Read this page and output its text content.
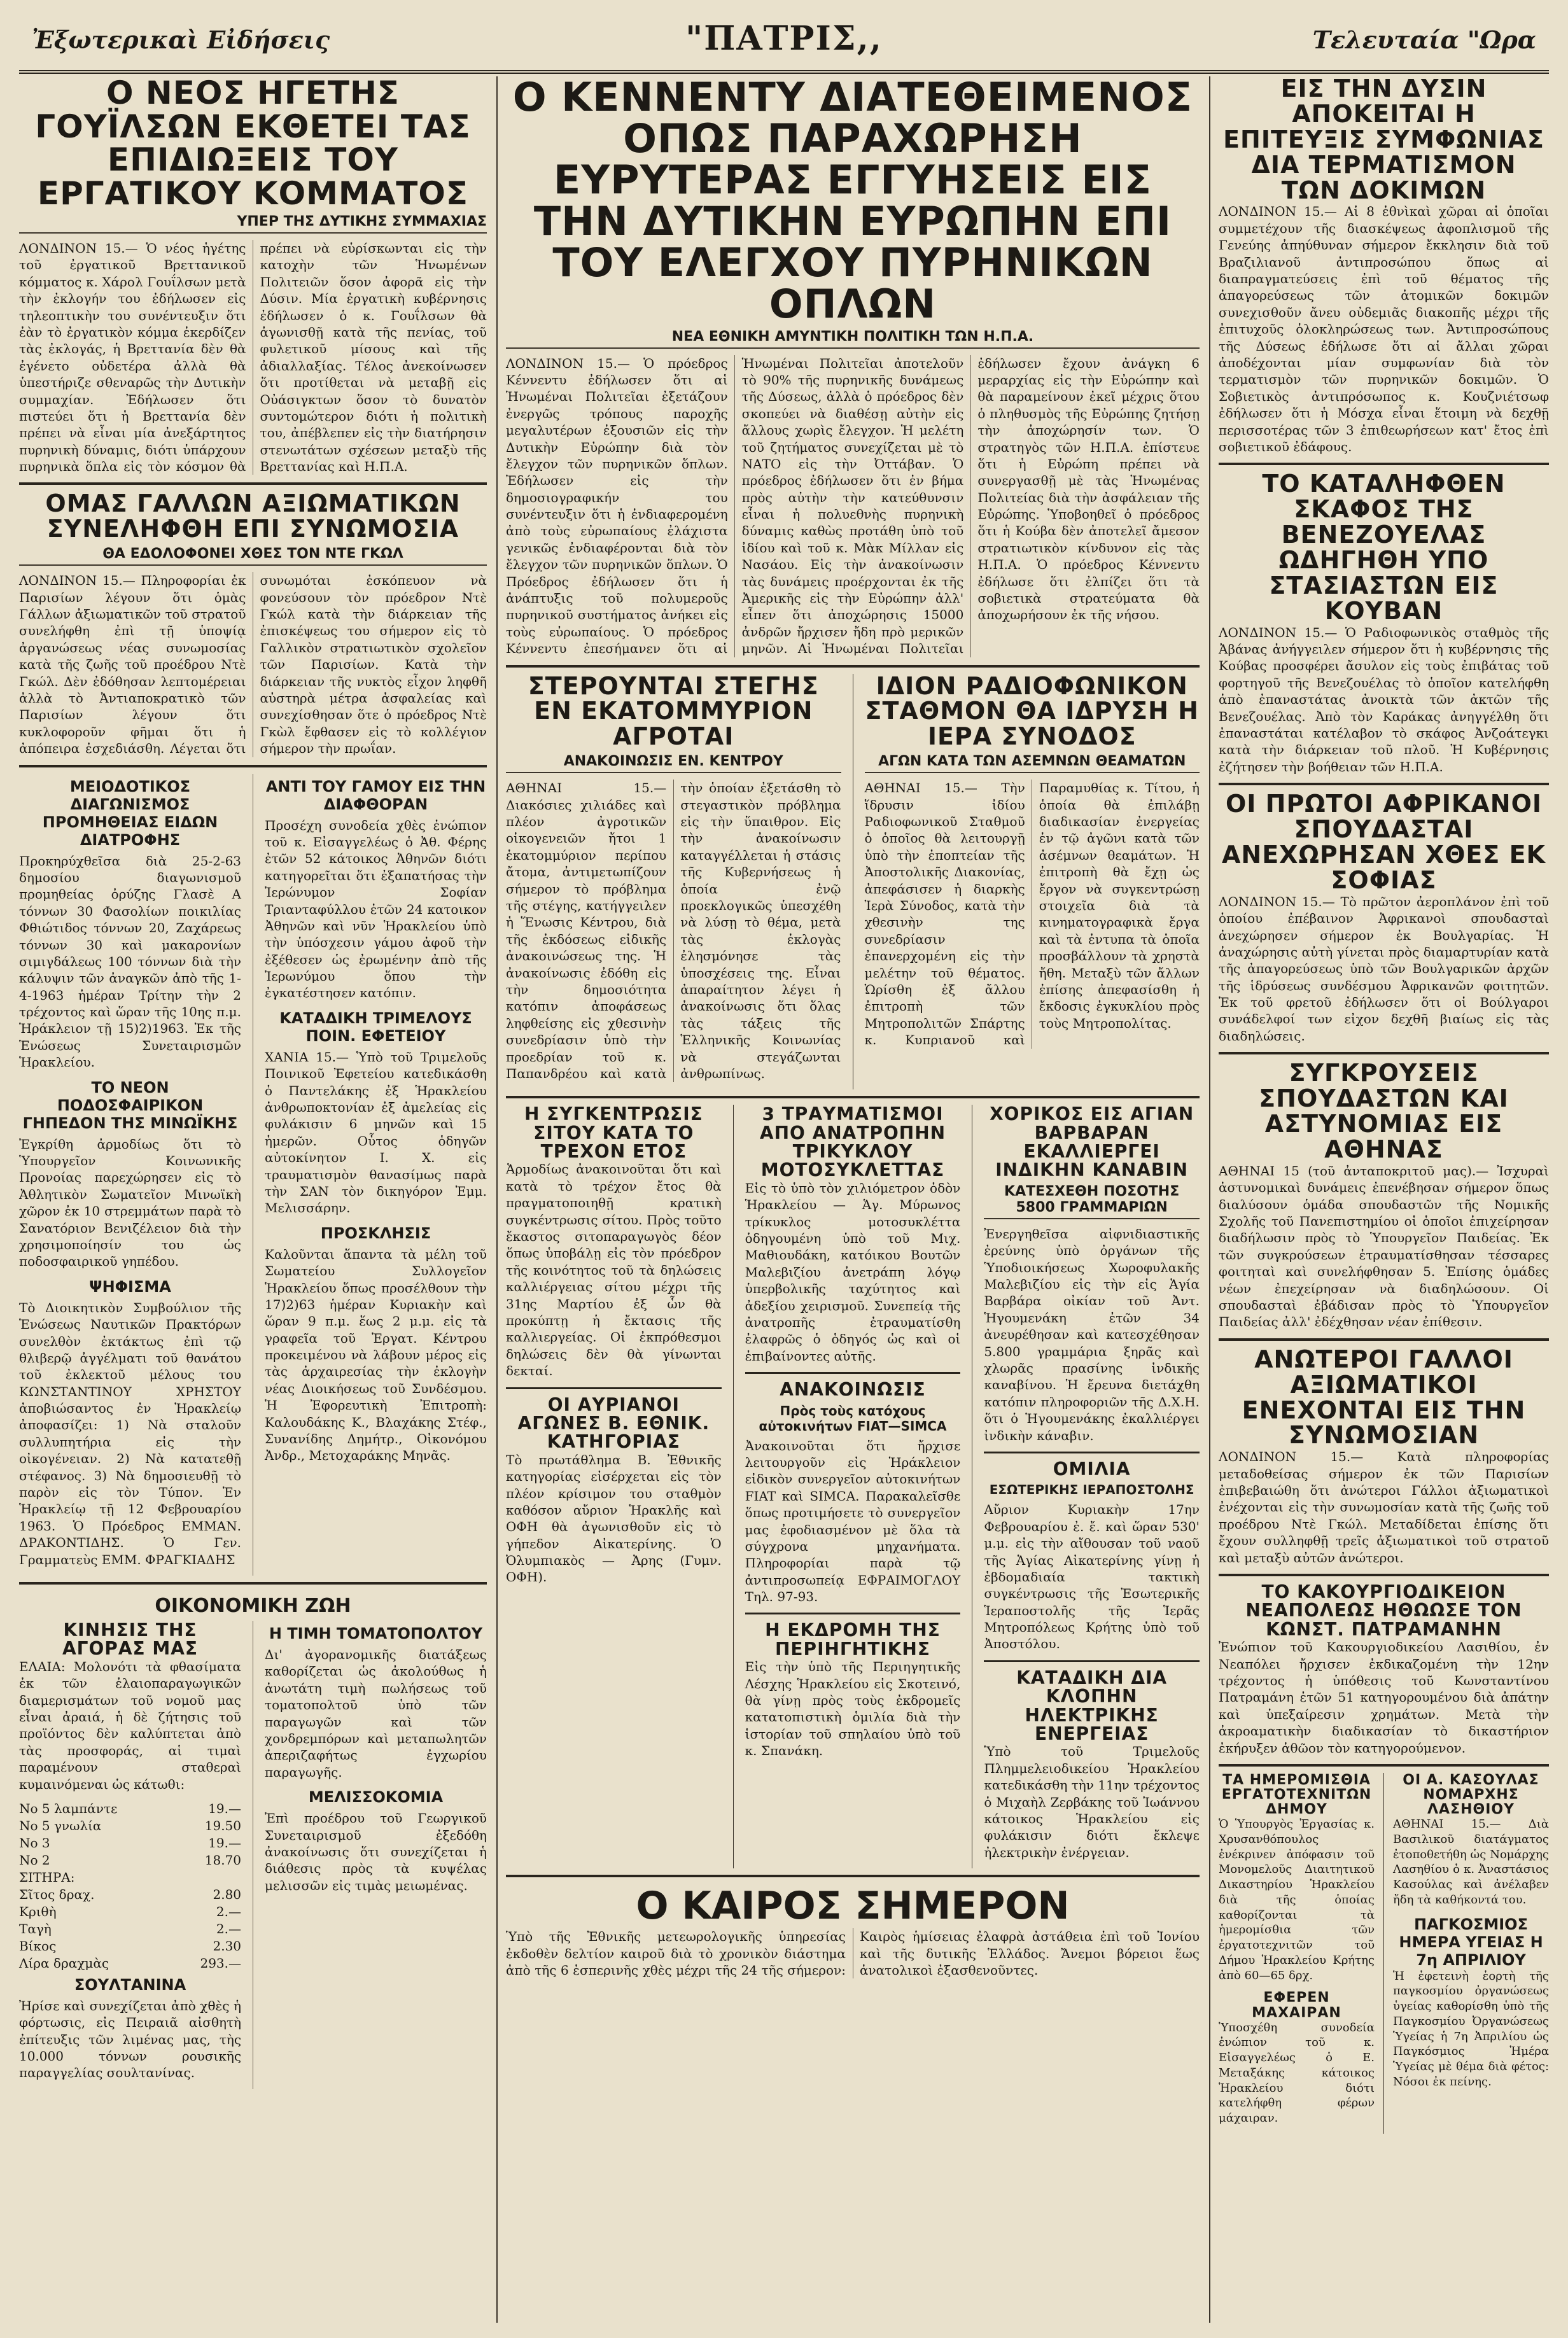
Ἐξωτερικαὶ Εἰδήσεις	"ΠΑΤΡΙΣ,,	Τελευταία "Ωρα
Ο ΝΕΟΣ ΗΓΕΤΗΣ ΓΟΥΪΛΣΩΝ ΕΚΘΕΤΕΙ ΤΑΣ ΕΠΙΔΙΩΞΕΙΣ ΤΟΥ ΕΡΓΑΤΙΚΟΥ ΚΟΜΜΑΤΟΣ
ΥΠΕΡ ΤΗΣ ΔΥΤΙΚΗΣ ΣΥΜΜΑΧΙΑΣ

ΛΟΝΔΙΝΟΝ 15.— Ὁ νέος ἡγέτης τοῦ ἐργατικοῦ Βρεττανικοῦ κόμματος κ. Χάρολ Γουΐλσων μετὰ τὴν ἐκλογήν του ἐδήλωσεν εἰς τηλεοπτικὴν του συνέντευξιν ὅτι ἐὰν τὸ ἐργατικὸν κόμμα ἐκερδίζεν τὰς ἐκλογάς, ἡ Βρεττανία δὲν θὰ ἐγένετο οὐδετέρα ἀλλὰ θὰ ὑπεστήριζε σθεναρῶς τὴν Δυτικὴν συμμαχίαν. Ἐδήλωσεν ὅτι πιστεύει ὅτι ἡ Βρεττανία δὲν πρέπει νὰ εἶναι μία ἀνεξάρτητος πυρηνικὴ δύναμις, διότι ὑπάρχουν πυρηνικὰ ὅπλα εἰς τὸν κόσμον θὰ πρέπει νὰ εὑρίσκωνται εἰς τὴν κατοχὴν τῶν Ἡνωμένων Πολιτειῶν ὅσον ἀφορᾶ εἰς τὴν Δύσιν. Μία ἐργατικὴ κυβέρνησις ἐδήλωσεν ὁ κ. Γουΐλσων θὰ ἀγωνισθῇ κατὰ τῆς πενίας, τοῦ φυλετικοῦ μίσους καὶ τῆς ἀδιαλλαξίας. Τέλος ἀνεκοίνωσεν ὅτι προτίθεται νὰ μεταβῇ εἰς Οὐάσιγκτων ὅσον τὸ δυνατὸν συντομώτερον διότι ἡ πολιτικὴ του, ἀπέβλεπεν εἰς τὴν διατήρησιν στενωτάτων σχέσεων μεταξὺ τῆς Βρεττανίας καὶ Η.Π.Α.

ΟΜΑΣ ΓΑΛΛΩΝ ΑΞΙΩΜΑΤΙΚΩΝ ΣΥΝΕΛΗΦΘΗ ΕΠΙ ΣΥΝΩΜΟΣΙΑ
ΘΑ ΕΔΟΛΟΦΟΝΕΙ ΧΘΕΣ ΤΟΝ ΝΤΕ ΓΚΩΛ

ΛΟΝΔΙΝΟΝ 15.— Πληροφορίαι ἐκ Παρισίων λέγουν ὅτι ὁμὰς Γάλλων ἀξιωματικῶν τοῦ στρατοῦ συνελήφθη ἐπὶ τῇ ὑποψίᾳ ἀργανώσεως νέας συνωμοσίας κατὰ τῆς ζωῆς τοῦ προέδρου Ντὲ Γκώλ. Δὲν ἐδόθησαν λεπτομέρειαι ἀλλὰ τὸ Ἀντιαποκρατικὸ τῶν Παρισίων λέγουν ὅτι κυκλοφοροῦν φῆμαι ὅτι ἡ ἀπόπειρα ἐσχεδιάσθη. Λέγεται ὅτι συνωμόται ἐσκόπευον νὰ φονεύσουν τὸν πρόεδρον Ντὲ Γκώλ κατὰ τὴν διάρκειαν τῆς ἐπισκέψεως του σήμερον εἰς τὸ Γαλλικὸν στρατιωτικὸν σχολεῖον τῶν Παρισίων. Κατὰ τὴν διάρκειαν τῆς νυκτὸς εἶχον ληφθῆ αὐστηρὰ μέτρα ἀσφαλείας καὶ συνεχίσθησαν ὅτε ὁ πρόεδρος Ντὲ Γκὼλ ἔφθασεν εἰς τὸ κολλέγιον σήμερον τὴν πρωΐαν.

ΜΕΙΟΔΟΤΙΚΟΣ ΔΙΑΓΩΝΙΣΜΟΣ ΠΡΟΜΗΘΕΙΑΣ ΕΙΔΩΝ ΔΙΑΤΡΟΦΗΣ

Προκηρύχθεῖσα διὰ 25-2-63 δημοσίου διαγωνισμοῦ προμηθείας ὀρύζης Γλασὲ Α τόννων 30 Φασολίων ποικιλίας Φθιώτιδος τόννων 20, Ζαχάρεως τόννων 30 καὶ μακαρονίων σιμιγδάλεως 100 τόννων διὰ τὴν κάλυψιν τῶν ἀναγκῶν ἀπὸ τῆς 1-4-1963 ἡμέραν Τρίτην τὴν 2 τρέχοντος καὶ ὥραν τῆς 10ης π.μ. Ἡράκλειον τῇ 15)2)1963. Ἐκ τῆς Ἑνώσεως Συνεταιρισμῶν Ἡρακλείου.

ΤΟ ΝΕΟΝ ΠΟΔΟΣΦΑΙΡΙΚΟΝ ΓΗΠΕΔΟΝ ΤΗΣ ΜΙΝΩΪΚΗΣ

Ἐγκρίθη ἀρμοδίως ὅτι τὸ Ὑπουργεῖον Κοινωνικῆς Προνοίας παρεχώρησεν εἰς τὸ Ἀθλητικὸν Σωματεῖον Μινωϊκὴ χῶρον ἐκ 10 στρεμμάτων παρὰ τὸ Σανατόριον Βενιζέλειον διὰ τὴν χρησιμοποίησίν του ὡς ποδοσφαιρικοῦ γηπέδου.

ΨΗΦΙΣΜΑ

Τὸ Διοικητικὸν Συμβούλιον τῆς Ἑνώσεως Ναυτικῶν Πρακτόρων συνελθὸν ἐκτάκτως ἐπὶ τῷ θλιβερῷ ἀγγέλματι τοῦ θανάτου τοῦ ἐκλεκτοῦ μέλους του ΚΩΝΣΤΑΝΤΙΝΟΥ ΧΡΗΣΤΟΥ ἀποβιώσαντος ἐν Ἡρακλείῳ ἀποφασίζει: 1) Νὰ σταλοῦν συλλυπητήρια εἰς τὴν οἰκογένειαν. 2) Νὰ κατατεθῇ στέφανος. 3) Νὰ δημοσιευθῇ τὸ παρὸν εἰς τὸν Τύπον. Ἐν Ἡρακλείῳ τῇ 12 Φεβρουαρίου 1963. Ὁ Πρόεδρος ΕΜΜΑΝ. ΔΡΑΚΟΝΤΙΔΗΣ. Ὁ Γεν. Γραμματεὺς ΕΜΜ. ΦΡΑΓΚΙΑΔΗΣ

ΑΝΤΙ ΤΟΥ ΓΑΜΟΥ ΕΙΣ ΤΗΝ ΔΙΑΦΘΟΡΑΝ

Προσέχη συνοδεία χθὲς ἐνώπιον τοῦ κ. Εἰσαγγελέως ὁ Ἀθ. Φέρης ἐτῶν 52 κάτοικος Ἀθηνῶν διότι κατηγορεῖται ὅτι ἐξαπατήσας τὴν Ἰερώνυμον Σοφίαν Τριανταφύλλου ἐτῶν 24 κατοικον Ἀθηνῶν καὶ νῦν Ἡρακλείου ὑπὸ τὴν ὑπόσχεσιν γάμου ἀφοῦ τὴν ἐξέθεσεν ὡς ἐρωμένην ἀπὸ τῆς Ἰερωνύμου ὅπου τὴν ἐγκατέστησεν κατόπιν.

ΚΑΤΑΔΙΚΗ ΤΡΙΜΕΛΟΥΣ ΠΟΙΝ. ΕΦΕΤΕΙΟΥ

ΧΑΝΙΑ 15.— Ὑπὸ τοῦ Τριμελοῦς Ποινικοῦ Ἐφετείου κατεδικάσθη ὁ Παντελάκης ἐξ Ἡρακλείου ἀνθρωποκτονίαν ἐξ ἀμελείας εἰς φυλάκισιν 6 μηνῶν καὶ 15 ἡμερῶν. Οὗτος ὁδηγῶν αὐτοκίνητον Ι. Χ. εἰς τραυματισμὸν θανασίμως παρὰ τὴν ΣΑΝ τὸν δικηγόρον Ἐμμ. Μελισσάρην.

ΠΡΟΣΚΛΗΣΙΣ

Καλοῦνται ἅπαντα τὰ μέλη τοῦ Σωματείου Συλλογεῖον Ἡρακλείου ὅπως προσέλθουν τὴν 17)2)63 ἡμέραν Κυριακὴν καὶ ὥραν 9 π.μ. ἕως 2 μ.μ. εἰς τὰ γραφεῖα τοῦ Ἐργατ. Κέντρου προκειμένου νὰ λάβουν μέρος εἰς τὰς ἀρχαιρεσίας τὴν ἐκλογὴν νέας Διοικήσεως τοῦ Συνδέσμου. Ἡ Ἐφορευτικὴ Ἐπιτροπὴ: Καλουδάκης Κ., Βλαχάκης Στέφ., Συνανίδης Δημήτρ., Οἰκονόμου Ἀνδρ., Μετοχαράκης Μηνᾶς.

ΟΙΚΟΝΟΜΙΚΗ ΖΩΗ
ΚΙΝΗΣΙΣ ΤΗΣ ΑΓΟΡΑΣ ΜΑΣ

ΕΛΑΙΑ: Μολονότι τὰ φθασίματα ἐκ τῶν ἐλαιοπαραγωγικῶν διαμερισμάτων τοῦ νομοῦ μας εἶναι ἀραιά, ἡ δὲ ζήτησις τοῦ προϊόντος δὲν καλύπτεται ἀπὸ τὰς προσφοράς, αἱ τιμαὶ παραμένουν σταθεραὶ κυμαινόμεναι ὡς κάτωθι:

Νο 5 λαμπάντε	19.—
Νο 5 γνωλία	19.50
Νο 3	19.—
Νο 2	18.70
ΣΙΤΗΡΑ:
Σῖτος δραχ.	2.80
Κριθὴ	2.—
Ταγὴ	2.—
Βίκος	2.30
Λίρα δραχμὰς	293.—
ΣΟΥΛΤΑΝΙΝΑ

Ἠρίσε καὶ συνεχίζεται ἀπὸ χθὲς ἡ φόρτωσις, εἰς Πειραιᾶ αἰσθητὴ ἐπίτευξις τῶν λιμένας μας, τὴς 10.000 τόννων ρουσικῆς παραγγελίας σουλτανίνας.

Η ΤΙΜΗ ΤΟΜΑΤΟΠΟΛΤΟΥ

Δι' ἀγορανομικῆς διατάξεως καθορίζεται ὡς ἀκολούθως ἡ ἀνωτάτη τιμὴ πωλήσεως τοῦ τοματοπολτοῦ ὑπὸ τῶν παραγωγῶν καὶ τῶν χονδρεμπόρων καὶ μεταπωλητῶν ἀπεριζαφήτως ἐγχωρίου παραγωγῆς.

ΜΕΛΙΣΣΟΚΟΜΙΑ

Ἐπὶ προέδρου τοῦ Γεωργικοῦ Συνεταιρισμοῦ ἐξεδόθη ἀνακοίνωσις ὅτι συνεχίζεται ἡ διάθεσις πρὸς τὰ κυψέλας μελισσῶν εἰς τιμὰς μειωμένας.

Ο ΚΕΝΝΕΝΤΥ ΔΙΑΤΕΘΕΙΜΕΝΟΣ ΟΠΩΣ ΠΑΡΑΧΩΡΗΣΗ ΕΥΡΥΤΕΡΑΣ ΕΓΓΥΗΣΕΙΣ ΕΙΣ ΤΗΝ ΔΥΤΙΚΗΝ ΕΥΡΩΠΗΝ ΕΠΙ ΤΟΥ ΕΛΕΓΧΟΥ ΠΥΡΗΝΙΚΩΝ ΟΠΛΩΝ
ΝΕΑ ΕΘΝΙΚΗ ΑΜΥΝΤΙΚΗ ΠΟΛΙΤΙΚΗ ΤΩΝ Η.Π.Α.

ΛΟΝΔΙΝΟΝ 15.— Ὁ πρόεδρος Κέννεντυ ἐδήλωσεν ὅτι αἱ Ἡνωμέναι Πολιτεῖαι ἐξετάζουν ἐνεργῶς τρόπους παροχῆς μεγαλυτέρων ἐξουσιῶν εἰς τὴν Δυτικὴν Εὐρώπην διὰ τὸν ἔλεγχον τῶν πυρηνικῶν ὅπλων. Ἐδήλωσεν εἰς τὴν δημοσιογραφικήν του συνέντευξιν ὅτι ἡ ἐνδιαφερομένη ἀπὸ τοὺς εὐρωπαίους ἐλάχιστα γενικῶς ἐνδιαφέρονται διὰ τὸν ἔλεγχον τῶν πυρηνικῶν ὅπλων. Ὁ Πρόεδρος ἐδήλωσεν ὅτι ἡ ἀνάπτυξις τοῦ πολυμεροῦς πυρηνικοῦ συστήματος ἀνήκει εἰς τοὺς εὐρωπαίους. Ὁ πρόεδρος Κέννεντυ ἐπεσήμανεν ὅτι αἱ Ἡνωμέναι Πολιτεῖαι ἀποτελοῦν τὸ 90% τῆς πυρηνικῆς δυνάμεως τῆς Δύσεως, ἀλλὰ ὁ πρόεδρος δὲν σκοπεύει νὰ διαθέσῃ αὐτὴν εἰς ἄλλους χωρὶς ἔλεγχον. Ἡ μελέτη τοῦ ζητήματος συνεχίζεται μὲ τὸ ΝΑΤΟ εἰς τὴν Ὀττάβαν. Ὁ πρόεδρος ἐδήλωσεν ὅτι ἐν βήμα πρὸς αὐτὴν τὴν κατεύθυνσιν εἶναι ἡ πολυεθνὴς πυρηνικὴ δύναμις καθὼς προτάθη ὑπὸ τοῦ ἰδίου καὶ τοῦ κ. Μὰκ Μίλλαν εἰς Νασάου. Εἰς τὴν ἀνακοίνωσιν τὰς δυνάμεις προέρχονται ἐκ τῆς Ἀμερικῆς εἰς τὴν Εὐρώπην ἀλλ' εἶπεν ὅτι ἀποχώρησις 15000 ἀνδρῶν ἤρχισεν ἤδη πρὸ μερικῶν μηνῶν. Αἱ Ἡνωμέναι Πολιτεῖαι ἐδήλωσεν ἔχουν ἀνάγκη 6 μεραρχίας εἰς τὴν Εὐρώπην καὶ θὰ παραμείνουν ἐκεῖ μέχρις ὅτου ὁ πληθυσμὸς τῆς Εὐρώπης ζητήσῃ τὴν ἀποχώρησίν των. Ὁ στρατηγὸς τῶν Η.Π.Α. ἐπίστευε ὅτι ἡ Εὐρώπη πρέπει νὰ συνεργασθῇ μὲ τὰς Ἡνωμένας Πολιτείας διὰ τὴν ἀσφάλειαν τῆς Εὐρώπης. Ὑποβοηθεῖ ὁ πρόεδρος ὅτι ἡ Κούβα δὲν ἀποτελεῖ ἄμεσον στρατιωτικὸν κίνδυνον εἰς τὰς Η.Π.Α. Ὁ πρόεδρος Κέννεντυ ἐδήλωσε ὅτι ἐλπίζει ὅτι τὰ σοβιετικὰ στρατεύματα θὰ ἀποχωρήσουν ἐκ τῆς νήσου.

ΣΤΕΡΟΥΝΤΑΙ ΣΤΕΓΗΣ ΕΝ ΕΚΑΤΟΜΜΥΡΙΟΝ ΑΓΡΟΤΑΙ
ΑΝΑΚΟΙΝΩΣΙΣ ΕΝ. ΚΕΝΤΡΟΥ

ΑΘΗΝΑΙ 15.— Διακόσιες χιλιάδες καὶ πλέον ἀγροτικῶν οἰκογενειῶν ἤτοι 1 ἑκατομμύριον περίπου ἄτομα, ἀντιμετωπίζουν σήμερον τὸ πρόβλημα τῆς στέγης, κατήγγειλεν ἡ Ἕνωσις Κέντρου, διὰ τῆς ἐκδόσεως εἰδικῆς ἀνακοινώσεως της. Ἡ ἀνακοίνωσις ἐδόθη εἰς τὴν δημοσιότητα κατόπιν ἀποφάσεως ληφθείσης εἰς χθεσινὴν συνεδρίασιν ὑπὸ τὴν προεδρίαν τοῦ κ. Παπανδρέου καὶ κατὰ τὴν ὁποίαν ἐξετάσθη τὸ στεγαστικὸν πρόβλημα εἰς τὴν ὕπαιθρον. Εἰς τὴν ἀνακοίνωσιν καταγγέλλεται ἡ στάσις τῆς Κυβερνήσεως ἡ ὁποία ἐνῷ προεκλογικῶς ὑπεσχέθη νὰ λύσῃ τὸ θέμα, μετὰ τὰς ἐκλογὰς ἐλησμόνησε τὰς ὑποσχέσεις της. Εἶναι ἀπαραίτητον λέγει ἡ ἀνακοίνωσις ὅτι ὅλας τὰς τάξεις τῆς Ἑλληνικῆς Κοινωνίας νὰ στεγάζωνται ἀνθρωπίνως.

ΙΔΙΟΝ ΡΑΔΙΟΦΩΝΙΚΟΝ ΣΤΑΘΜΟΝ ΘΑ ΙΔΡΥΣΗ Η ΙΕΡΑ ΣΥΝΟΔΟΣ
ΑΓΩΝ ΚΑΤΑ ΤΩΝ ΑΣΕΜΝΩΝ ΘΕΑΜΑΤΩΝ

ΑΘΗΝΑΙ 15.— Τὴν ἵδρυσιν ἰδίου Ραδιοφωνικοῦ Σταθμοῦ ὁ ὁποῖος θὰ λειτουργῇ ὑπὸ τὴν ἐποπτείαν τῆς Ἀποστολικῆς Διακονίας, ἀπεφάσισεν ἡ διαρκὴς Ἱερὰ Σύνοδος, κατὰ τὴν χθεσινὴν της συνεδρίασιν ἐπανερχομένη εἰς τὴν μελέτην τοῦ θέματος. Ὡρίσθη ἐξ ἄλλου ἐπιτροπὴ τῶν Μητροπολιτῶν Σπάρτης κ. Κυπριανοῦ καὶ Παραμυθίας κ. Τίτου, ἡ ὁποία θὰ ἐπιλάβῃ διαδικασίαν ἐνεργείας ἐν τῷ ἀγῶνι κατὰ τῶν ἀσέμνων θεαμάτων. Ἡ ἐπιτροπὴ θὰ ἔχῃ ὡς ἔργον νὰ συγκεντρώσῃ στοιχεῖα διὰ τὰ κινηματογραφικὰ ἔργα καὶ τὰ ἐντυπα τὰ ὁποῖα προσβάλλουν τὰ χρηστὰ ἤθη. Μεταξὺ τῶν ἄλλων ἐπίσης ἀπεφασίσθη ἡ ἔκδοσις ἐγκυκλίου πρὸς τοὺς Μητροπολίτας.

Η ΣΥΓΚΕΝΤΡΩΣΙΣ ΣΙΤΟΥ ΚΑΤΑ ΤΟ ΤΡΕΧΟΝ ΕΤΟΣ

Ἁρμοδίως ἀνακοινοῦται ὅτι καὶ κατὰ τὸ τρέχον ἔτος θὰ πραγματοποιηθῇ κρατικὴ συγκέντρωσις σίτου. Πρὸς τοῦτο ἔκαστος σιτοπαραγωγὸς δέον ὅπως ὑποβάλῃ εἰς τὸν πρόεδρον τῆς κοινότητος τοῦ τὰ δηλώσεις καλλιέργειας σίτου μέχρι τῆς 31ης Μαρτίου ἐξ ὧν θὰ προκύπτῃ ἡ ἔκτασις τῆς καλλιεργείας. Οἱ ἐκπρόθεσμοι δηλώσεις δὲν θὰ γίνωνται δεκταί.

ΟΙ ΑΥΡΙΑΝΟΙ ΑΓΩΝΕΣ Β. ΕΘΝΙΚ. ΚΑΤΗΓΟΡΙΑΣ

Τὸ πρωτάθλημα Β. Ἐθνικῆς κατηγορίας εἰσέρχεται εἰς τὸν πλέον κρίσιμον του σταθμὸν καθόσον αὔριον Ἡρακλῆς καὶ ΟΦΗ θὰ ἀγωνισθοῦν εἰς τὸ γήπεδον Αἰκατερίνης. Ὁ Ὀλυμπιακὸς — Ἀρης (Γυμν. ΟΦΗ).

3 ΤΡΑΥΜΑΤΙΣΜΟΙ ΑΠΟ ΑΝΑΤΡΟΠΗΝ ΤΡΙΚΥΚΛΟΥ ΜΟΤΟΣΥΚΛΕΤΤΑΣ

Εἰς τὸ ὑπὸ τὸν χιλιόμετρον ὁδὸν Ἡρακλείου — Ἁγ. Μύρωνος τρίκυκλος μοτοσυκλέττα ὁδηγουμένη ὑπὸ τοῦ Μιχ. Μαθιουδάκη, κατόικου Βουτῶν Μαλεβιζίου ἀνετράπη λόγῳ ὑπερβολικῆς ταχύτητος καὶ ἀδεξίου χειρισμοῦ. Συνεπείᾳ τῆς ἀνατροπῆς ἐτραυματίσθη ἐλαφρῶς ὁ ὁδηγός ὡς καὶ οἱ ἐπιβαίνοντες αὐτῆς.

ΑΝΑΚΟΙΝΩΣΙΣ
Πρὸς τοὺς κατόχους αὐτοκινήτων FIAT—SIMCA

Ἀνακοινοῦται ὅτι ἤρχισε λειτουργοῦν εἰς Ἡράκλειον εἰδικὸν συνεργεῖον αὐτοκινήτων FIAT καὶ SIMCA. Παρακαλεῖσθε ὅπως προτιμήσετε τὸ συνεργεῖον μας ἐφοδιασμένον μὲ ὅλα τὰ σύγχρονα μηχανήματα. Πληροφορίαι παρὰ τῷ ἀντιπροσωπείᾳ ΕΦΡΑΙΜΟΓΛΟΥ Τηλ. 97-93.

Η ΕΚΔΡΟΜΗ ΤΗΣ ΠΕΡΙΗΓΗΤΙΚΗΣ

Εἰς τὴν ὑπὸ τῆς Περιηγητικῆς Λέσχης Ἡρακλείου εἰς Σκοτεινό, θὰ γίνῃ πρὸς τοὺς ἐκδρομεῖς κατατοπιστικὴ ὁμιλία διὰ τὴν ἱστορίαν τοῦ σπηλαίου ὑπὸ τοῦ κ. Σπανάκη.

ΧΟΡΙΚΟΣ ΕΙΣ ΑΓΙΑΝ ΒΑΡΒΑΡΑΝ ΕΚΑΛΛΙΕΡΓΕΙ ΙΝΔΙΚΗΝ ΚΑΝΑΒΙΝ
ΚΑΤΕΣΧΕΘΗ ΠΟΣΟΤΗΣ 5800 ΓΡΑΜΜΑΡΙΩΝ

Ἐνεργηθεῖσα αἰφνιδιαστικῆς ἐρεύνης ὑπὸ ὀργάνων τῆς Ὑποδιοικήσεως Χωροφυλακῆς Μαλεβιζίου εἰς τὴν εἰς Ἁγία Βαρβάρα οἰκίαν τοῦ Ἀντ. Ἡγουμενάκη ἐτῶν 34 ἀνευρέθησαν καὶ κατεσχέθησαν 5.800 γραμμάρια ξηρᾶς καὶ χλωρᾶς πρασίνης ἰνδικῆς καναβίνου. Ἡ ἔρευνα διετάχθη κατόπιν πληροφοριῶν τῆς Δ.Χ.Η. ὅτι ὁ Ἡγουμενάκης ἐκαλλιέργει ἰνδικὴν κάναβιν.

ΟΜΙΛΙΑ
ΕΣΩΤΕΡΙΚΗΣ ΙΕΡΑΠΟΣΤΟΛΗΣ

Αὔριον Κυριακὴν 17ην Φεβρουαρίου ἐ. ἔ. καὶ ὥραν 530' μ.μ. εἰς τὴν αἴθουσαν τοῦ ναοῦ τῆς Ἁγίας Αἰκατερίνης γίνῃ ἡ ἑβδομαδιαία τακτικὴ συγκέντρωσις τῆς Ἐσωτερικῆς Ἱεραποστολῆς τῆς Ἱερᾶς Μητροπόλεως Κρήτης ὑπὸ τοῦ Ἀποστόλου.

ΚΑΤΑΔΙΚΗ ΔΙΑ ΚΛΟΠΗΝ ΗΛΕΚΤΡΙΚΗΣ ΕΝΕΡΓΕΙΑΣ

Ὑπὸ τοῦ Τριμελοῦς Πλημμελειοδικείου Ἡρακλείου κατεδικάσθη τὴν 11ην τρέχοντος ὁ Μιχαὴλ Ζερβάκης τοῦ Ἰωάννου κάτοικος Ἡρακλείου εἰς φυλάκισιν διότι ἔκλεψε ἠλεκτρικὴν ἐνέργειαν.

Ο ΚΑΙΡΟΣ ΣΗΜΕΡΟΝ

Ὑπὸ τῆς Ἐθνικῆς μετεωρολογικῆς ὑπηρεσίας ἐκδοθὲν δελτίον καιροῦ διὰ τὸ χρονικὸν διάστημα ἀπὸ τῆς 6 ἑσπερινῆς χθὲς μέχρι τῆς 24 τῆς σήμερον: Καιρὸς ἡμίσειας ἐλαφρὰ ἀστάθεια ἐπὶ τοῦ Ἰονίου καὶ τῆς δυτικῆς Ἑλλάδος. Ἄνεμοι βόρειοι ἕως ἀνατολικοὶ ἐξασθενοῦντες.

ΕΙΣ ΤΗΝ ΔΥΣΙΝ ΑΠΟΚΕΙΤΑΙ Η ΕΠΙΤΕΥΞΙΣ ΣΥΜΦΩΝΙΑΣ ΔΙΑ ΤΕΡΜΑΤΙΣΜΟΝ ΤΩΝ ΔΟΚΙΜΩΝ

ΛΟΝΔΙΝΟΝ 15.— Αἱ 8 ἐθνὶκαὶ χῶραι αἱ ὁποῖαι συμμετέχουν τῆς διασκέψεως ἀφοπλισμοῦ τῆς Γενεύης ἀπηύθυναν σήμερον ἔκκλησιν διὰ τοῦ Βραζιλιανοῦ ἀντιπροσώπου ὅπως αἱ διαπραγματεύσεις ἐπὶ τοῦ θέματος τῆς ἀπαγορεύσεως τῶν ἀτομικῶν δοκιμῶν συνεχισθοῦν ἄνευ οὐδεμιᾶς διακοπῆς μέχρι τῆς ἐπιτυχοῦς ὁλοκληρώσεως των. Ἀντιπροσώπους τῆς Δύσεως ἐδήλωσε ὅτι αἱ ἄλλαι χῶραι ἀποδέχονται μίαν συμφωνίαν διὰ τὸν τερματισμὸν τῶν πυρηνικῶν δοκιμῶν. Ὁ Σοβιετικὸς ἀντιπρόσωπος κ. Κουζνιέτσωφ ἐδήλωσεν ὅτι ἡ Μόσχα εἶναι ἕτοιμη νὰ δεχθῇ περισσοτέρας τῶν 3 ἐπιθεωρήσεων κατ' ἔτος ἐπὶ σοβιετικοῦ ἐδάφους.

ΤΟ ΚΑΤΑΛΗΦΘΕΝ ΣΚΑΦΟΣ ΤΗΣ ΒΕΝΕΖΟΥΕΛΑΣ ΩΔΗΓΗΘΗ ΥΠΟ ΣΤΑΣΙΑΣΤΩΝ ΕΙΣ ΚΟΥΒΑΝ

ΛΟΝΔΙΝΟΝ 15.— Ὁ Ραδιοφωνικὸς σταθμὸς τῆς Ἀβάνας ἀνήγγειλεν σήμερον ὅτι ἡ κυβέρνησις τῆς Κούβας προσφέρει ἄσυλον εἰς τοὺς ἐπιβάτας τοῦ φορτηγοῦ τῆς Βενεζουέλας τὸ ὁποῖον κατελήφθη ἀπὸ ἐπαναστάτας ἀνοικτὰ τῶν ἀκτῶν τῆς Βενεζουέλας. Ἀπὸ τὸν Καράκας ἀνηγγέλθη ὅτι ἐπαναστάται κατέλαβον τὸ σκάφος Ἀνζοάτεγκι κατὰ τὴν διάρκειαν τοῦ πλοῦ. Ἡ Κυβέρνησις ἐζήτησεν τὴν βοήθειαν τῶν Η.Π.Α.

ΟΙ ΠΡΩΤΟΙ ΑΦΡΙΚΑΝΟΙ ΣΠΟΥΔΑΣΤΑΙ ΑΝΕΧΩΡΗΣΑΝ ΧΘΕΣ ΕΚ ΣΟΦΙΑΣ

ΛΟΝΔΙΝΟΝ 15.— Τὸ πρῶτον ἀεροπλάνον ἐπὶ τοῦ ὁποίου ἐπέβαινον Ἀφρικανοὶ σπουδασταὶ ἀνεχώρησεν σήμερον ἐκ Βουλγαρίας. Ἡ ἀναχώρησις αὐτὴ γίνεται πρὸς διαμαρτυρίαν κατὰ τῆς ἀπαγορεύσεως ὑπὸ τῶν Βουλγαρικῶν ἀρχῶν τῆς ἱδρύσεως συνδέσμου Ἀφρικανῶν φοιτητῶν. Ἐκ τοῦ φρετοῦ ἐδήλωσεν ὅτι οἱ Βούλγαροι συνάδελφοί των εἰχον δεχθῆ βιαίως εἰς τὰς διαδηλώσεις.

ΣΥΓΚΡΟΥΣΕΙΣ ΣΠΟΥΔΑΣΤΩΝ ΚΑΙ ΑΣΤΥΝΟΜΙΑΣ ΕΙΣ ΑΘΗΝΑΣ

ΑΘΗΝΑΙ 15 (τοῦ ἀνταποκριτοῦ μας).— Ἰσχυραὶ ἀστυνομικαὶ δυνάμεις ἐπενέβησαν σήμερον ὅπως διαλύσουν ὁμάδα σπουδαστῶν τῆς Νομικῆς Σχολῆς τοῦ Πανεπιστημίου οἱ ὁποῖοι ἐπιχείρησαν διαδήλωσιν πρὸς τὸ Ὑπουργεῖον Παιδείας. Ἐκ τῶν συγκρούσεων ἐτραυματίσθησαν τέσσαρες φοιτηταὶ καὶ συνελήφθησαν 5. Ἐπίσης ὁμάδες νέων ἐπεχείρησαν νὰ διαδηλώσουν. Οἱ σπουδασταὶ ἐβάδισαν πρὸς τὸ Ὑπουργεῖον Παιδείας ἀλλ' ἐδέχθησαν νέαν ἐπίθεσιν.

ΑΝΩΤΕΡΟΙ ΓΑΛΛΟΙ ΑΞΙΩΜΑΤΙΚΟΙ ΕΝΕΧΟΝΤΑΙ ΕΙΣ ΤΗΝ ΣΥΝΩΜΟΣΙΑΝ

ΛΟΝΔΙΝΟΝ 15.— Κατὰ πληροφορίας μεταδοθείσας σήμερον ἐκ τῶν Παρισίων ἐπιβεβαιώθη ὅτι ἀνώτεροι Γάλλοι ἀξιωματικοὶ ἐνέχονται εἰς τὴν συνωμοσίαν κατὰ τῆς ζωῆς τοῦ προέδρου Ντὲ Γκώλ. Μεταδίδεται ἐπίσης ὅτι ἔχουν συλληφθῇ τρεῖς ἀξιωματικοὶ τοῦ στρατοῦ καὶ μεταξὺ αὐτῶν ἀνώτεροι.

ΤΟ ΚΑΚΟΥΡΓΙΟΔΙΚΕΙΟΝ ΝΕΑΠΟΛΕΩΣ ΗΘΩΩΣΕ ΤΟΝ ΚΩΝΣΤ. ΠΑΤΡΑΜΑΝΗΝ

Ἐνώπιον τοῦ Κακουργιοδικείου Λασιθίου, ἐν Νεαπόλει ἤρχισεν ἐκδικαζομένη τὴν 12ην τρέχοντος ἡ ὑπόθεσις τοῦ Κωνσταντίνου Πατραμάνη ἐτῶν 51 κατηγορουμένου διὰ ἀπάτην καὶ ὑπεξαίρεσιν χρημάτων. Μετὰ τὴν ἀκροαματικὴν διαδικασίαν τὸ δικαστήριον ἐκήρυξεν ἀθῶον τὸν κατηγορούμενον.

ΤΑ ΗΜΕΡΟΜΙΣΘΙΑ ΕΡΓΑΤΟΤΕΧΝΙΤΩΝ ΔΗΜΟΥ

Ὁ Ὑπουργὸς Ἐργασίας κ. Χρυσανθόπουλος ἐνέκρινεν ἀπόφασιν τοῦ Μονομελοῦς Διαιτητικοῦ Δικαστηρίου Ἡρακλείου διὰ τῆς ὁποίας καθορίζονται τὰ ἡμερομίσθια τῶν ἐργατοτεχνιτῶν τοῦ Δήμου Ἡρακλείου Κρήτης ἀπὸ 60—65 δρχ.

ΕΦΕΡΕΝ ΜΑΧΑΙΡΑΝ

Ὑποσχέθη συνοδεία ἐνώπιον τοῦ κ. Εἰσαγγελέως ὁ Ε. Μεταξάκης κάτοικος Ἡρακλείου διότι κατελήφθη φέρων μάχαιραν.

ΟΙ Α. ΚΑΣΟΥΛΑΣ ΝΟΜΑΡΧΗΣ ΛΑΣΗΘΙΟΥ

ΑΘΗΝΑΙ 15.— Διὰ Βασιλικοῦ διατάγματος ἐτοποθετήθη ὡς Νομάρχης Λασηθίου ὁ κ. Ἀναστάσιος Κασούλας καὶ ἀνέλαβεν ἤδη τὰ καθήκοντά του.

ΠΑΓΚΟΣΜΙΟΣ ΗΜΕΡΑ ΥΓΕΙΑΣ Η 7η ΑΠΡΙΛΙΟΥ

Ἡ ἐφετεινὴ ἑορτὴ τῆς παγκοσμίου ὀργανώσεως ὑγείας καθορίσθη ὑπὸ τῆς Παγκοσμίου Ὀργανώσεως Ὑγείας ἡ 7η Ἀπριλίου ὡς Παγκόσμιος Ἡμέρα Ὑγείας μὲ θέμα διὰ φέτος: Νόσοι ἐκ πείνης.
